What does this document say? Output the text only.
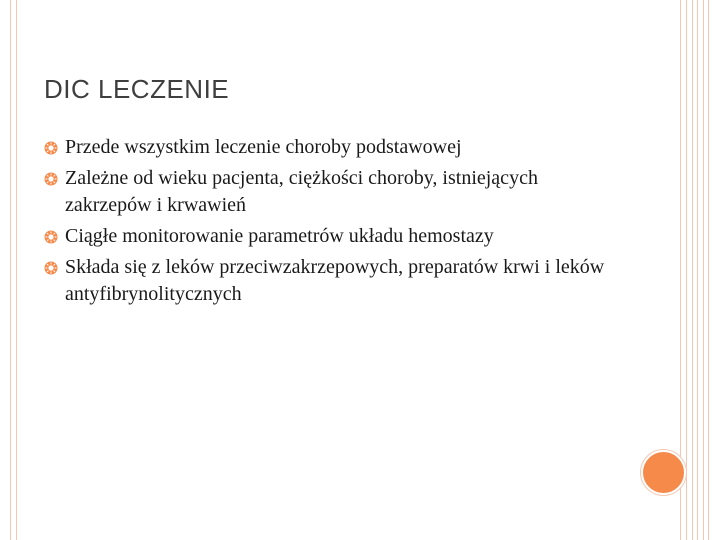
DIC LECZENIE
Przede wszystkim leczenie choroby podstawowej
Zależne od wieku pacjenta, ciężkości choroby, istniejących zakrzepów i krwawień
Ciągłe monitorowanie parametrów układu hemostazy
Składa się z leków przeciwzakrzepowych, preparatów krwi i leków antyfibrynolitycznych
